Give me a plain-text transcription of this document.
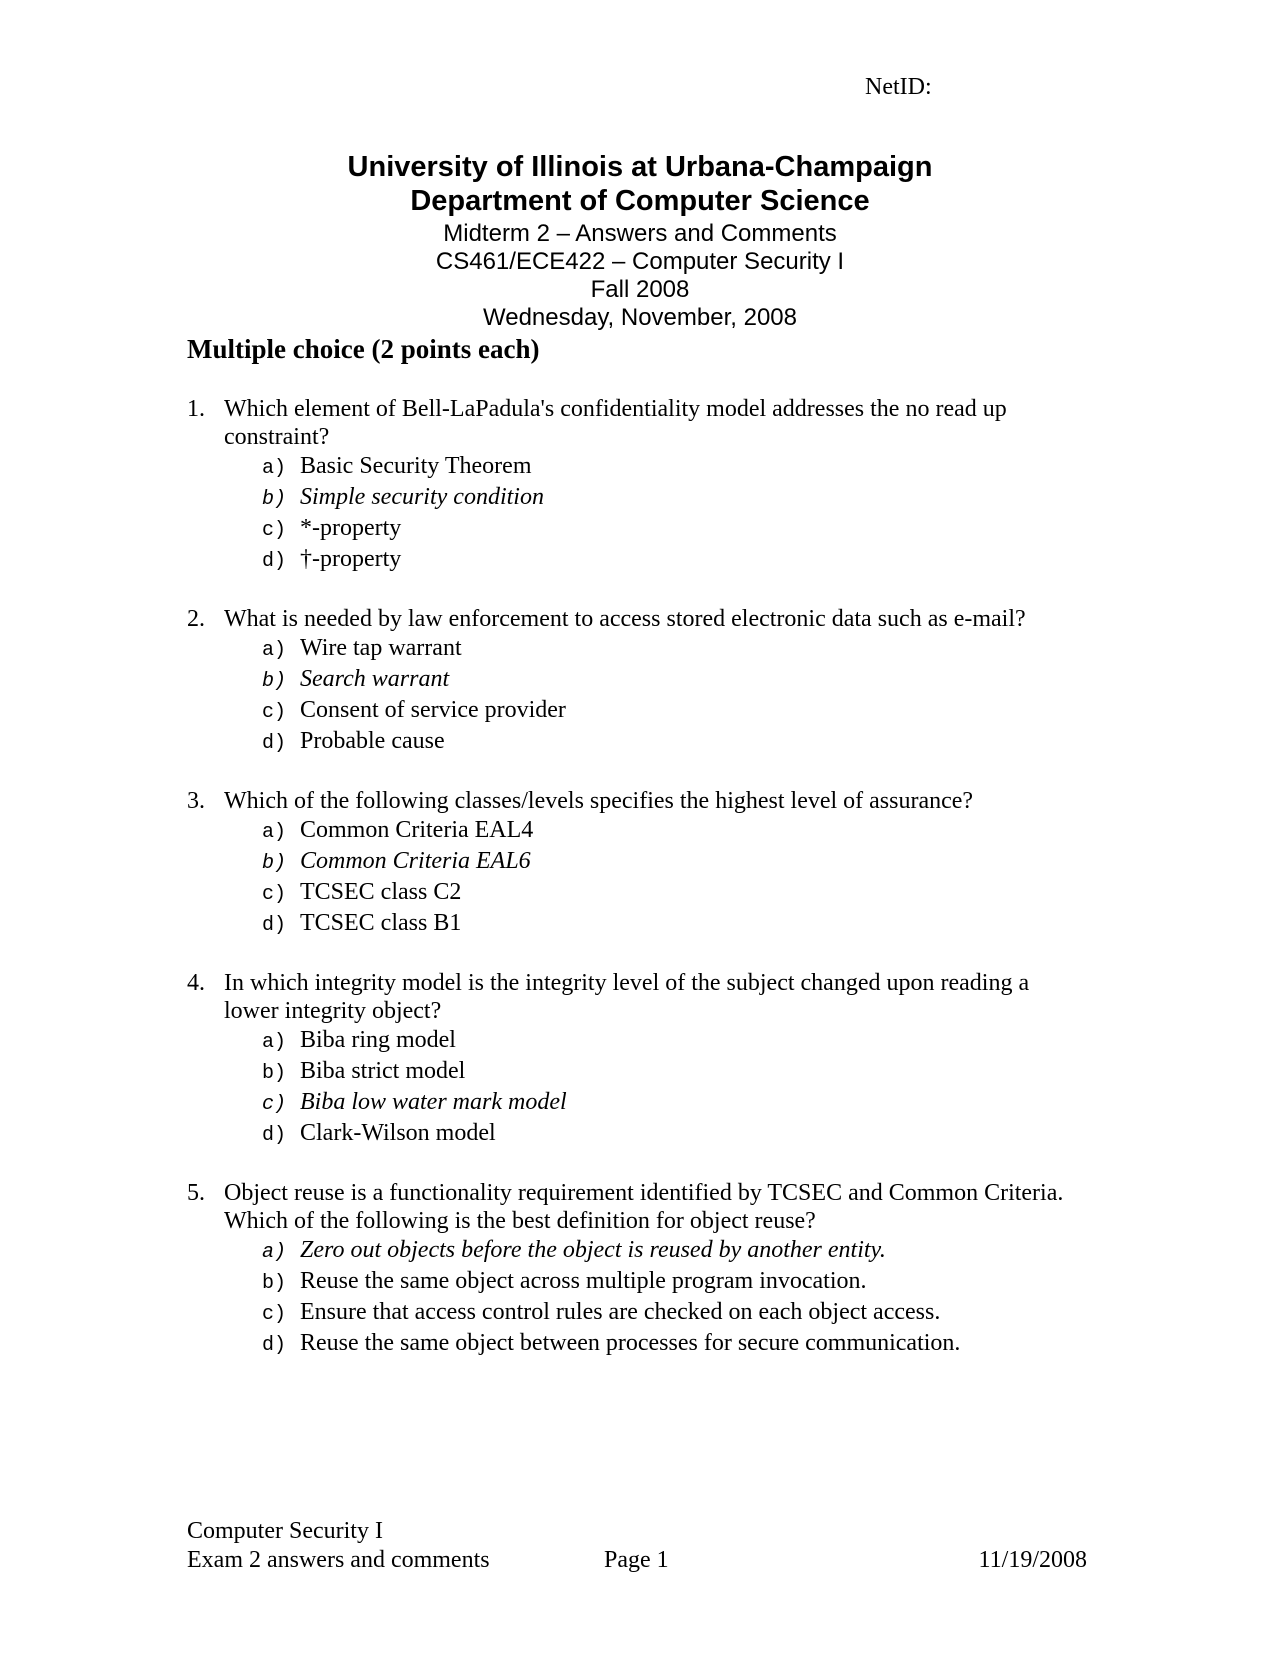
NetID:
University of Illinois at Urbana-Champaign
Department of Computer Science
Midterm 2 – Answers and Comments
CS461/ECE422 – Computer Security I
Fall 2008
Wednesday, November, 2008
Multiple choice (2 points each)
1. Which element of Bell-LaPadula's confidentiality model addresses the no read up constraint?
a) Basic Security Theorem
b) Simple security condition
c) *-property
d) †-property
2. What is needed by law enforcement to access stored electronic data such as e-mail?
a) Wire tap warrant
b) Search warrant
c) Consent of service provider
d) Probable cause
3. Which of the following classes/levels specifies the highest level of assurance?
a) Common Criteria EAL4
b) Common Criteria EAL6
c) TCSEC class C2
d) TCSEC class B1
4. In which integrity model is the integrity level of the subject changed upon reading a lower integrity object?
a) Biba ring model
b) Biba strict model
c) Biba low water mark model
d) Clark-Wilson model
5. Object reuse is a functionality requirement identified by TCSEC and Common Criteria. Which of the following is the best definition for object reuse?
a) Zero out objects before the object is reused by another entity.
b) Reuse the same object across multiple program invocation.
c) Ensure that access control rules are checked on each object access.
d) Reuse the same object between processes for secure communication.
Computer Security I
Exam 2 answers and comments	Page 1	11/19/2008
